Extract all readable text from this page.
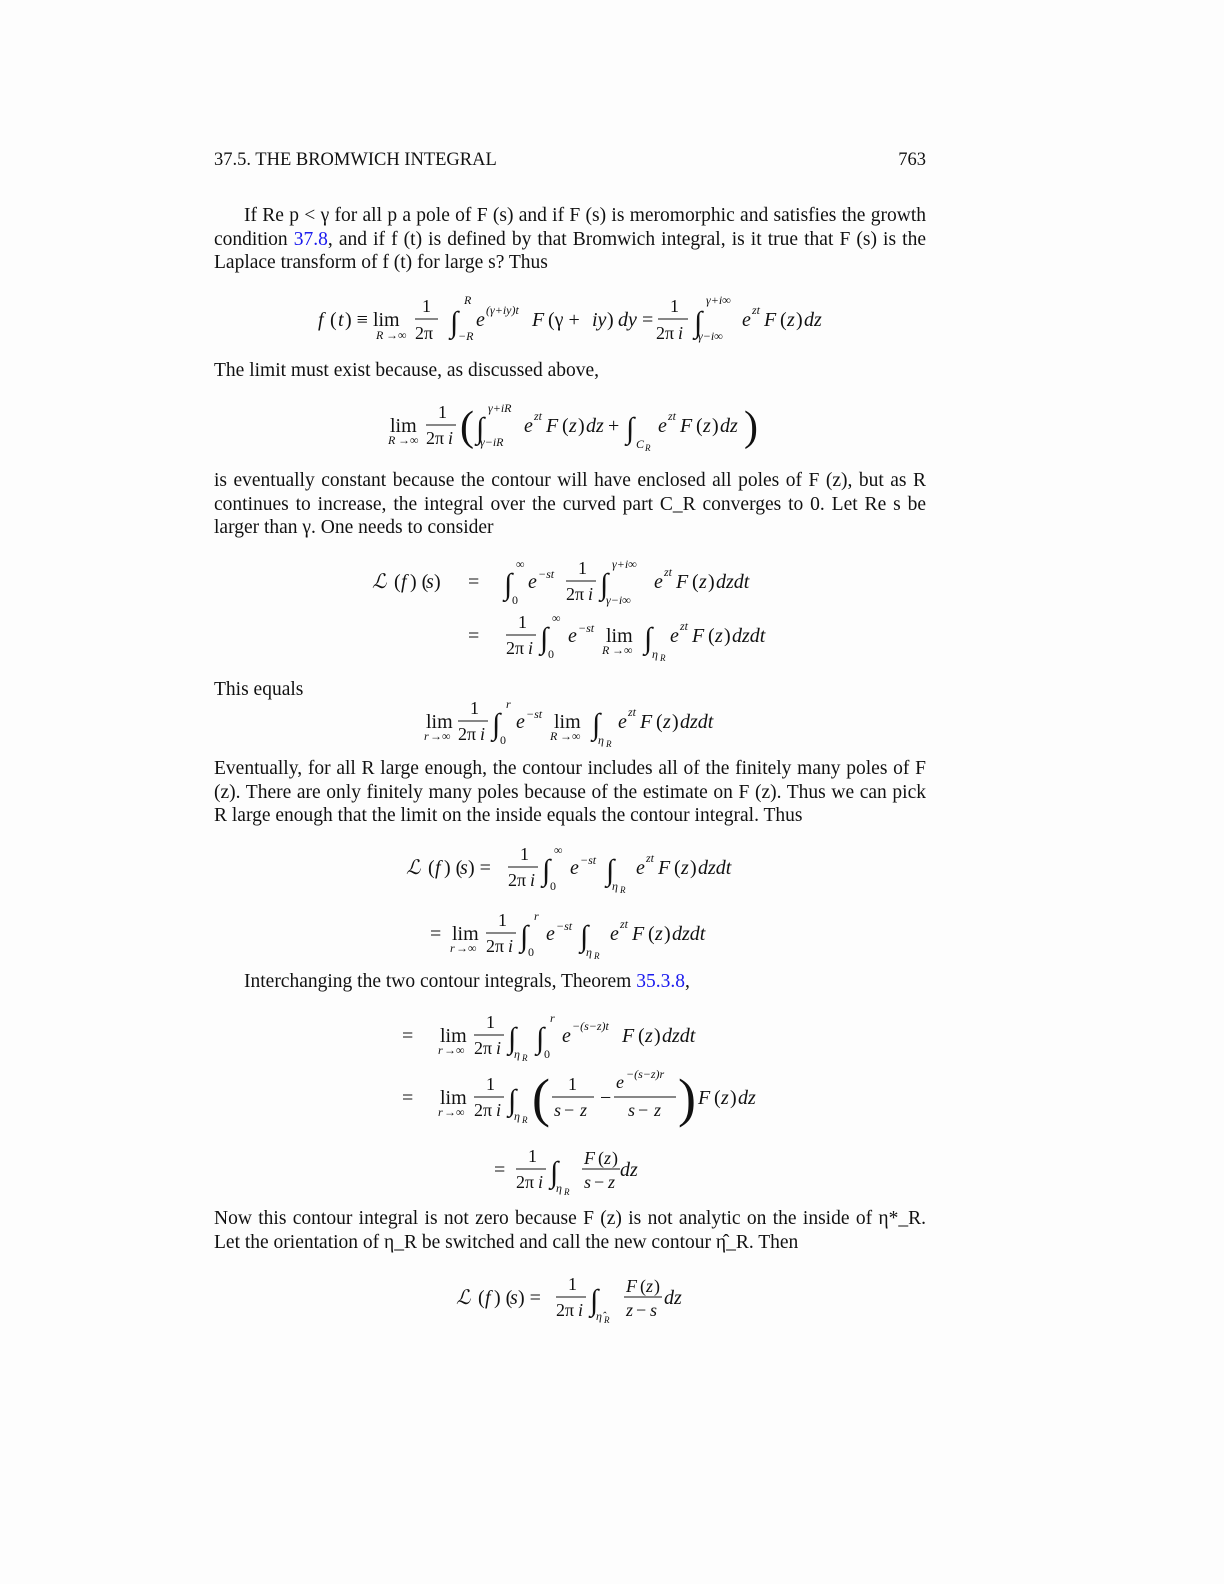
37.5. THE BROMWICH INTEGRAL	763
If Re p < γ for all p a pole of F (s) and if F (s) is meromorphic and satisfies the growth condition 37.8, and if f (t) is defined by that Bromwich integral, is it true that F (s) is the Laplace transform of f (t) for large s? Thus
f ( t ) ≡ lim
R →∞
1
2π ∫
R
−R
e (γ+iy)t F (γ + iy ) dy =
1
2π i ∫
γ+i∞
γ−i∞
e zt F ( z ) dz
The limit must exist because, as discussed above,
lim
R →∞
1
2π i ( ∫
γ+iR
γ−iR
e zt F ( z ) dz + ∫ C R
e zt F ( z ) dz )
is eventually constant because the contour will have enclosed all poles of F (z), but as R continues to increase, the integral over the curved part C_R converges to 0. Let Re s be larger than γ. One needs to consider
ℒ ( f ) (
s ) = ∫
∞
0
e −st 1
2π i ∫
γ+i∞
γ−i∞
e zt F ( z ) dzdt
=
1
2π i ∫
∞
0
e −st lim
R →∞ ∫ η R
e zt F ( z ) dzdt
This equals
lim
r →∞
1
2π i ∫
r
0
e −st lim
R →∞ ∫
η R
e zt F ( z ) dzdt
Eventually, for all R large enough, the contour includes all of the finitely many poles of F (z). There are only finitely many poles because of the estimate on F (z). Thus we can pick R large enough that the limit on the inside equals the contour integral. Thus
ℒ ( f ) (
s ) =
1
2π i ∫
∞
0
e −st ∫
η R
e zt F ( z ) dzdt
= lim
r →∞
1
2π i ∫
r
0
e −st ∫
η R
e zt F ( z ) dzdt
Interchanging the two contour integrals, Theorem 35.3.8,
= lim
r →∞
1
2π i ∫
η R
∫
r
0
e −(s−z)t F ( z ) dzdt
= lim
r →∞
1
2π i ∫
η R ( 1
s − z
−
e −(s−z)r
s − z ) F ( z ) dz
=
1
2π i ∫
η R
F ( z )
s − z
dz
Now this contour integral is not zero because F (z) is not analytic on the inside of η*_R. Let the orientation of η_R be switched and call the new contour η̂_R. Then
ℒ ( f ) (
s ) =
1
2π i ∫
η̂ R
F ( z )
z − s
dz
